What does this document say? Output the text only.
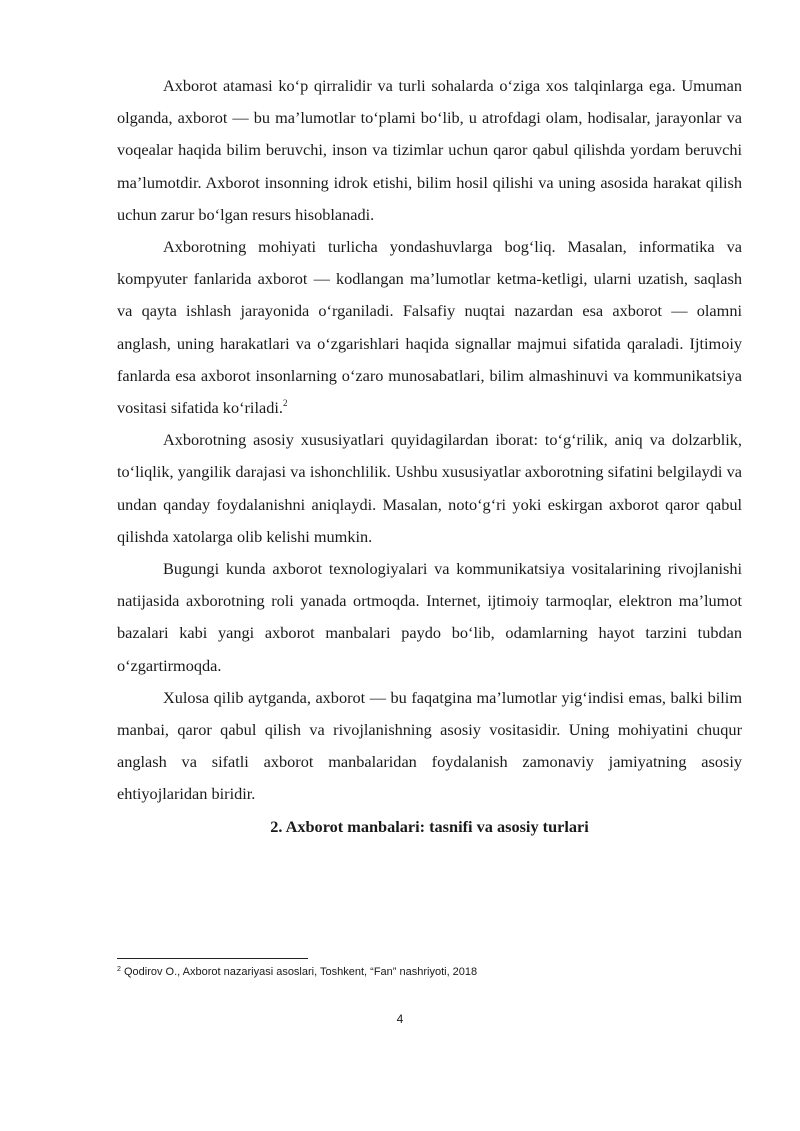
Axborot atamasi ko‘p qirralidir va turli sohalarda o‘ziga xos talqinlarga ega. Umuman olganda, axborot — bu ma’lumotlar to‘plami bo‘lib, u atrofdagi olam, hodisalar, jarayonlar va voqealar haqida bilim beruvchi, inson va tizimlar uchun qaror qabul qilishda yordam beruvchi ma’lumotdir. Axborot insonning idrok etishi, bilim hosil qilishi va uning asosida harakat qilish uchun zarur bo‘lgan resurs hisoblanadi.

Axborotning mohiyati turlicha yondashuvlarga bog‘liq. Masalan, informatika va kompyuter fanlarida axborot — kodlangan ma’lumotlar ketma-ketligi, ularni uzatish, saqlash va qayta ishlash jarayonida o‘rganiladi. Falsafiy nuqtai nazardan esa axborot — olamni anglash, uning harakatlari va o‘zgarishlari haqida signallar majmui sifatida qaraladi. Ijtimoiy fanlarda esa axborot insonlarning o‘zaro munosabatlari, bilim almashinuvi va kommunikatsiya vositasi sifatida ko‘riladi.$^2$

Axborotning asosiy xususiyatlari quyidagilardan iborat: to‘g‘rilik, aniq va dolzarblik, to‘liqlik, yangilik darajasi va ishonchlilik. Ushbu xususiyatlar axborotning sifatini belgilaydi va undan qanday foydalanishni aniqlaydi. Masalan, noto‘g‘ri yoki eskirgan axborot qaror qabul qilishda xatolarga olib kelishi mumkin.

Bugungi kunda axborot texnologiyalari va kommunikatsiya vositalarining rivojlanishi natijasida axborotning roli yanada ortmoqda. Internet, ijtimoiy tarmoqlar, elektron ma’lumot bazalari kabi yangi axborot manbalari paydo bo‘lib, odamlarning hayot tarzini tubdan o‘zgartirmoqda.

Xulosa qilib aytganda, axborot — bu faqatgina ma’lumotlar yig‘indisi emas, balki bilim manbai, qaror qabul qilish va rivojlanishning asosiy vositasidir. Uning mohiyatini chuqur anglash va sifatli axborot manbalaridan foydalanish zamonaviy jamiyatning asosiy ehtiyojlaridan biridir.

2. Axborot manbalari: tasnifi va asosiy turlari

$^2$ Qodirov O., Axborot nazariyasi asoslari, Toshkent, “Fan” nashriyoti, 2018
4
